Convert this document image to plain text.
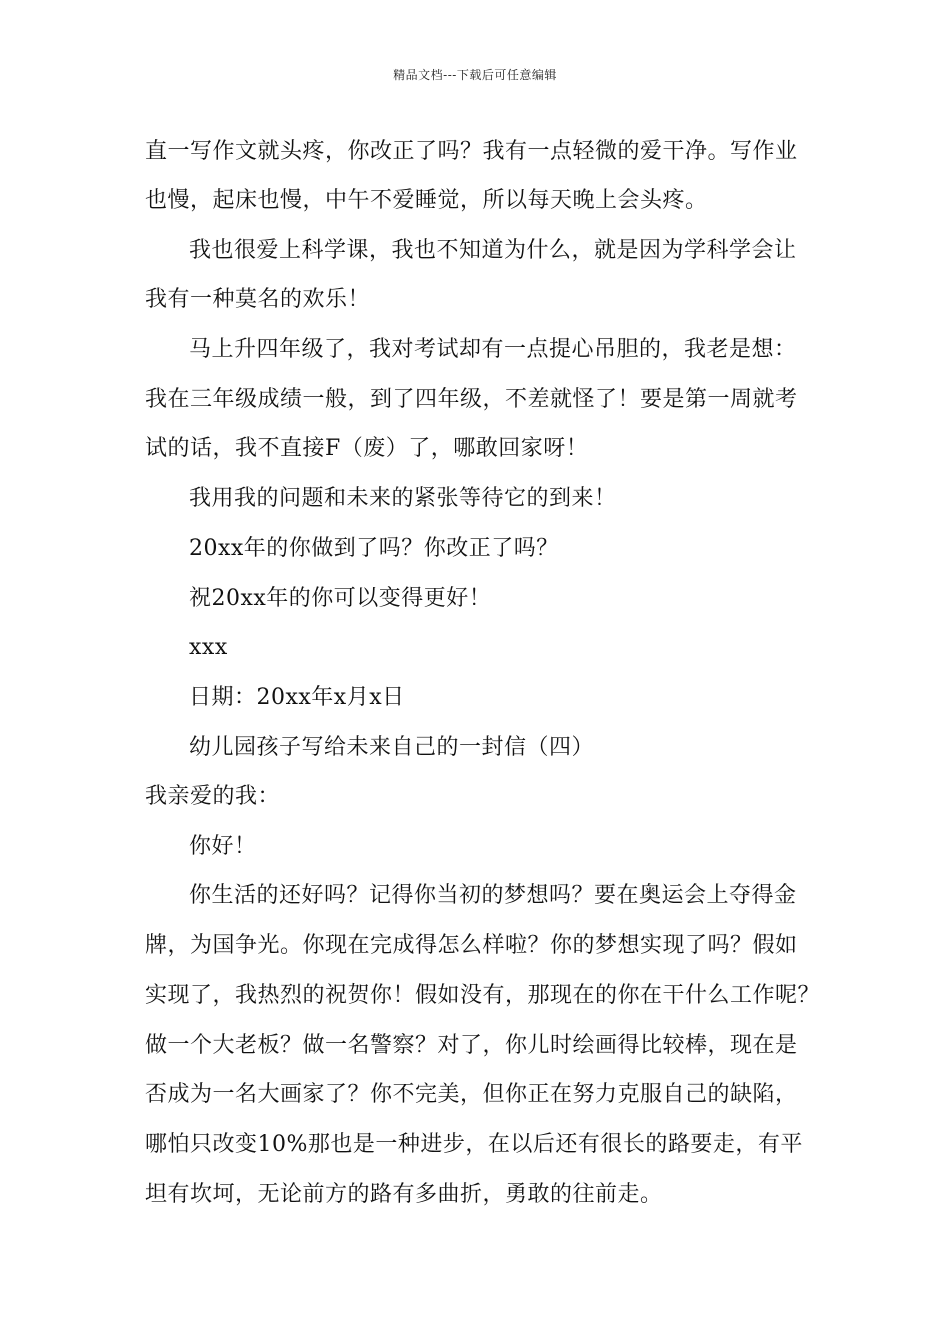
精品文档---下载后可任意编辑
直一写作文就头疼，你改正了吗？我有一点轻微的爱干净。写作业
也慢，起床也慢，中午不爱睡觉，所以每天晚上会头疼。
我也很爱上科学课，我也不知道为什么，就是因为学科学会让
我有一种莫名的欢乐！
马上升四年级了，我对考试却有一点提心吊胆的，我老是想：
我在三年级成绩一般，到了四年级，不差就怪了！要是第一周就考
试的话，我不直接F（废）了，哪敢回家呀！
我用我的问题和未来的紧张等待它的到来！
20xx年的你做到了吗？你改正了吗？
祝20xx年的你可以变得更好！
xxx
日期：20xx年x月x日
幼儿园孩子写给未来自己的一封信（四）
我亲爱的我：
你好！
你生活的还好吗？记得你当初的梦想吗？要在奥运会上夺得金
牌，为国争光。你现在完成得怎么样啦？你的梦想实现了吗？假如
实现了，我热烈的祝贺你！假如没有，那现在的你在干什么工作呢？
做一个大老板？做一名警察？对了，你儿时绘画得比较棒，现在是
否成为一名大画家了？你不完美，但你正在努力克服自己的缺陷，
哪怕只改变10%那也是一种进步，在以后还有很长的路要走，有平
坦有坎坷，无论前方的路有多曲折，勇敢的往前走。
